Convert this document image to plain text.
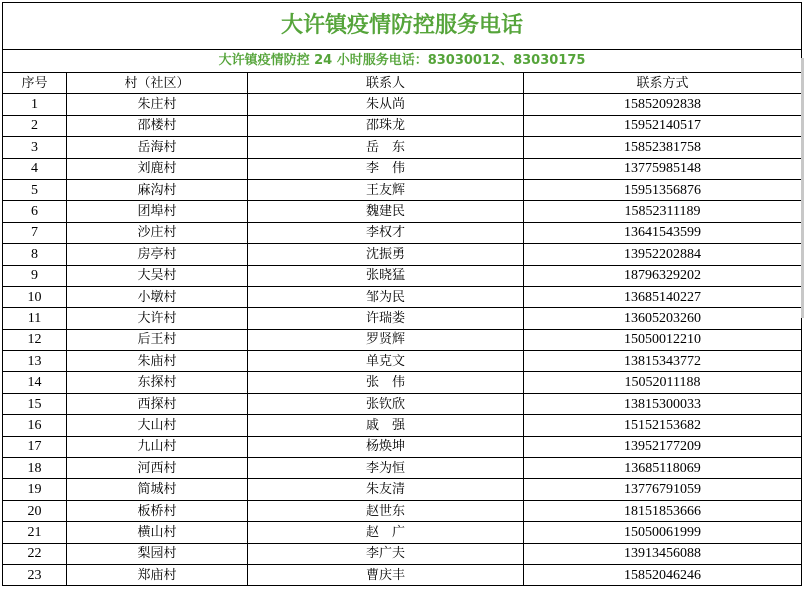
大许镇疫情防控服务电话			
大许镇疫情防控 24 小时服务电话：83030012、83030175			
序号	村（社区）	联系人	联系方式
1	朱庄村	朱从尚	15852092838
2	邵楼村	邵珠龙	15952140517
3	岳海村	岳　东	15852381758
4	刘鹿村	李　伟	13775985148
5	麻沟村	王友辉	15951356876
6	团埠村	魏建民	15852311189
7	沙庄村	李权才	13641543599
8	房亭村	沈振勇	13952202884
9	大吴村	张晓猛	18796329202
10	小墩村	邹为民	13685140227
11	大许村	许瑞娄	13605203260
12	后王村	罗贤辉	15050012210
13	朱庙村	单克文	13815343772
14	东探村	张　伟	15052011188
15	西探村	张钦欣	13815300033
16	大山村	戚　强	15152153682
17	九山村	杨焕坤	13952177209
18	河西村	李为恒	13685118069
19	简城村	朱友清	13776791059
20	板桥村	赵世东	18151853666
21	横山村	赵　广	15050061999
22	梨园村	李广夫	13913456088
23	郑庙村	曹庆丰	15852046246
